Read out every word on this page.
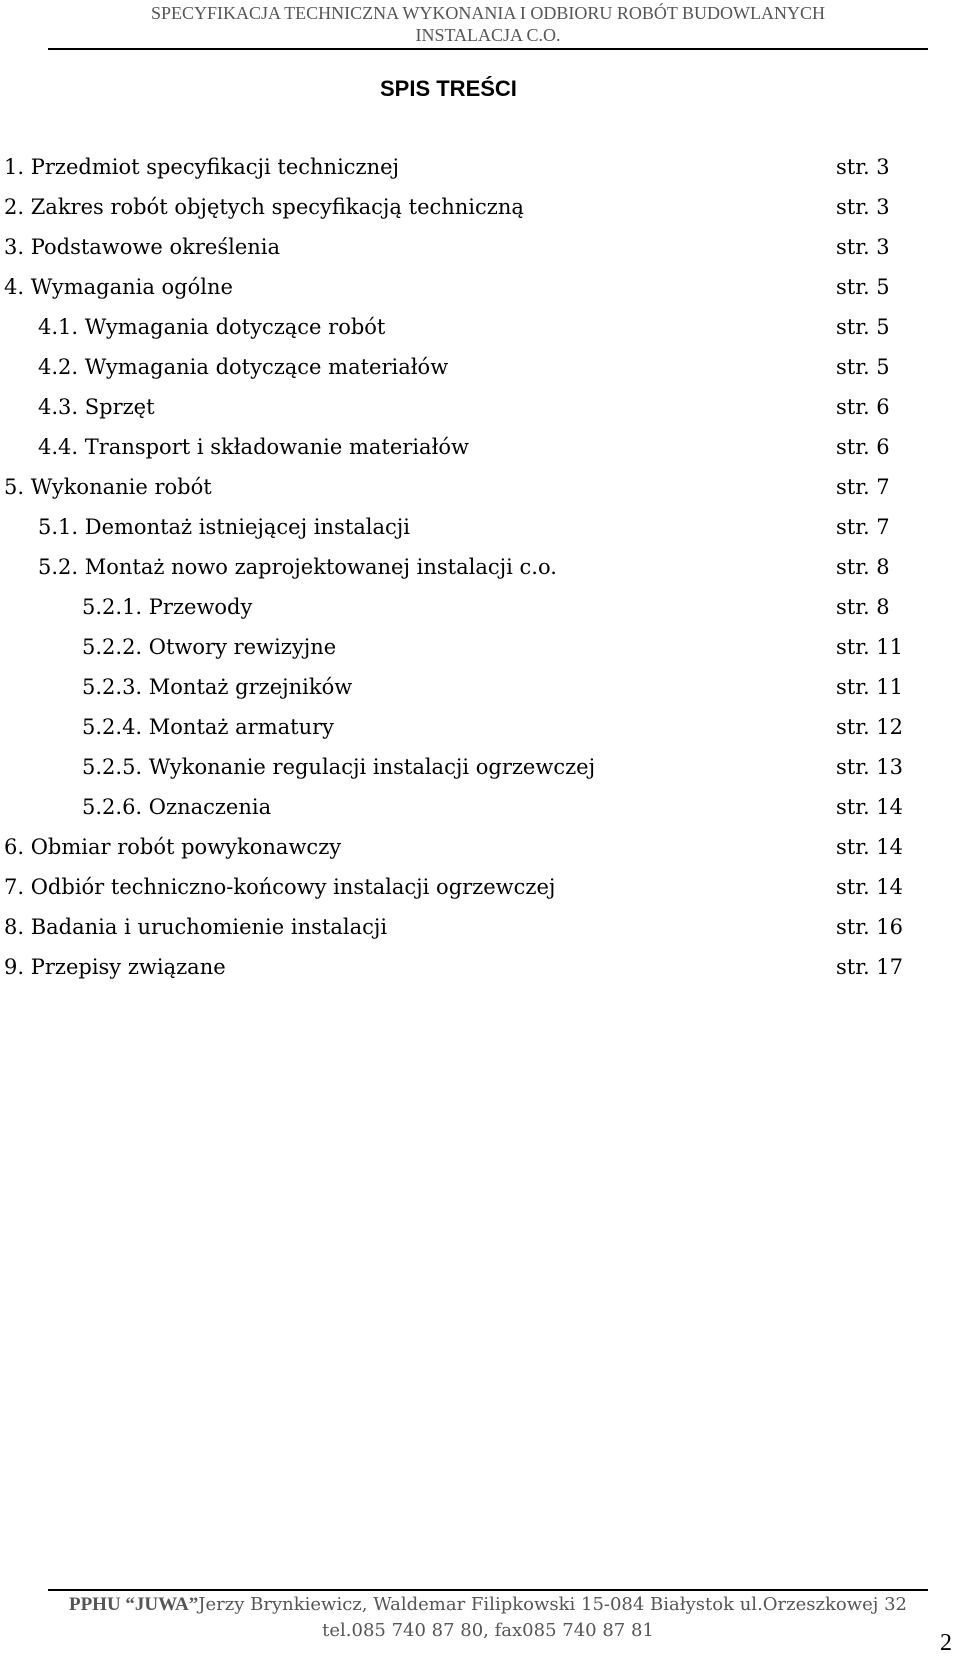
SPECYFIKACJA TECHNICZNA WYKONANIA I ODBIORU ROBÓT BUDOWLANYCH
INSTALACJA C.O.
SPIS TREŚCI
1. Przedmiot specyfikacji technicznej	str. 3
2. Zakres robót objętych specyfikacją techniczną	str. 3
3. Podstawowe określenia	str. 3
4. Wymagania ogólne	str. 5
4.1. Wymagania dotyczące robót	str. 5
4.2. Wymagania dotyczące materiałów	str. 5
4.3. Sprzęt	str. 6
4.4. Transport i składowanie materiałów	str. 6
5. Wykonanie robót	str. 7
5.1. Demontaż istniejącej instalacji	str. 7
5.2. Montaż nowo zaprojektowanej instalacji c.o.	str. 8
5.2.1. Przewody	str. 8
5.2.2. Otwory rewizyjne	str. 11
5.2.3. Montaż grzejników	str. 11
5.2.4. Montaż armatury	str. 12
5.2.5. Wykonanie regulacji instalacji ogrzewczej	str. 13
5.2.6. Oznaczenia	str. 14
6. Obmiar robót powykonawczy	str. 14
7. Odbiór techniczno-końcowy instalacji ogrzewczej	str. 14
8. Badania i uruchomienie instalacji	str. 16
9. Przepisy związane	str. 17
PPHU “JUWA”Jerzy Brynkiewicz, Waldemar Filipkowski 15-084 Białystok ul.Orzeszkowej 32
tel.085 740 87 80, fax085 740 87 81	2
